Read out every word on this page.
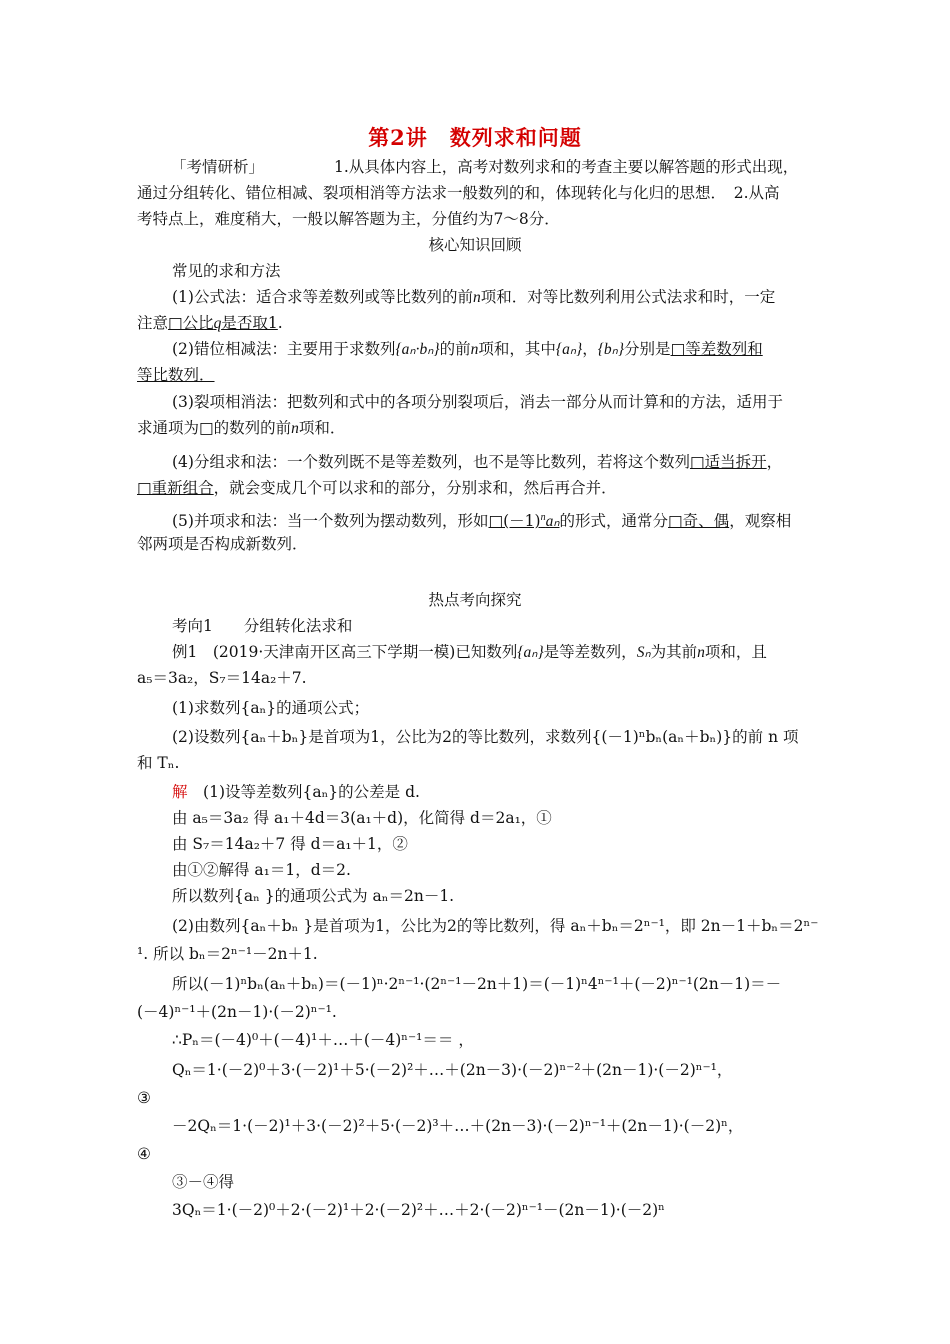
第2讲　数列求和问题
「考情研析」	1.从具体内容上，高考对数列求和的考查主要以解答题的形式出现，
通过分组转化、错位相减、裂项相消等方法求一般数列的和，体现转化与化归的思想．　2.从高
考特点上，难度稍大，一般以解答题为主，分值约为7～8分．
核心知识回顾
常见的求和方法
(1)公式法：适合求等差数列或等比数列的前n项和．对等比数列利用公式法求和时，一定
注意□公比q是否取1.
(2)错位相减法：主要用于求数列{aₙ·bₙ}的前n项和，其中{aₙ}，{bₙ}分别是□等差数列和
等比数列．
(3)裂项相消法：把数列和式中的各项分别裂项后，消去一部分从而计算和的方法，适用于
求通项为□的数列的前n项和．
(4)分组求和法：一个数列既不是等差数列，也不是等比数列，若将这个数列□适当拆开，
□重新组合，就会变成几个可以求和的部分，分别求和，然后再合并．
(5)并项求和法：当一个数列为摆动数列，形如$□(-1)^na_n$的形式，通常分□奇、偶，观察相
邻两项是否构成新数列．
热点考向探究
考向1　　分组转化法求和
例1　(2019·天津南开区高三下学期一模)已知数列{aₙ}是等差数列，Sₙ为其前n项和，且
a₅＝3a₂，S₇＝14a₂＋7.
(1)求数列{aₙ}的通项公式；
(2)设数列{aₙ＋bₙ}是首项为1，公比为2的等比数列，求数列{(－1)ⁿbₙ(aₙ＋bₙ)}的前 n 项
和 Tₙ.
解　 (1)设等差数列{aₙ}的公差是 d.
由 a₅＝3a₂ 得 a₁＋4d＝3(a₁＋d)，化简得 d＝2a₁，①
由 S₇＝14a₂＋7 得 d＝a₁＋1，②
由①②解得 a₁＝1，d＝2.
所以数列{aₙ }的通项公式为 aₙ＝2n－1.
(2)由数列{aₙ＋bₙ }是首项为1，公比为2的等比数列，得 aₙ＋bₙ＝2ⁿ⁻¹，即 2n－1＋bₙ＝2ⁿ⁻
¹. 所以 bₙ＝2ⁿ⁻¹－2n＋1.
所以(－1)ⁿbₙ(aₙ＋bₙ)＝(－1)ⁿ·2ⁿ⁻¹·(2ⁿ⁻¹－2n＋1)＝(－1)ⁿ4ⁿ⁻¹＋(－2)ⁿ⁻¹(2n－1)＝－
(－4)ⁿ⁻¹＋(2n－1)·(－2)ⁿ⁻¹.
∴Pₙ＝(－4)⁰＋(－4)¹＋…＋(－4)ⁿ⁻¹＝＝ ，
Qₙ＝1·(－2)⁰＋3·(－2)¹＋5·(－2)²＋…＋(2n－3)·(－2)ⁿ⁻²＋(2n－1)·(－2)ⁿ⁻¹，
③
－2Qₙ＝1·(－2)¹＋3·(－2)²＋5·(－2)³＋…＋(2n－3)·(－2)ⁿ⁻¹＋(2n－1)·(－2)ⁿ，
④
③－④得
3Qₙ＝1·(－2)⁰＋2·(－2)¹＋2·(－2)²＋…＋2·(－2)ⁿ⁻¹－(2n－1)·(－2)ⁿ
